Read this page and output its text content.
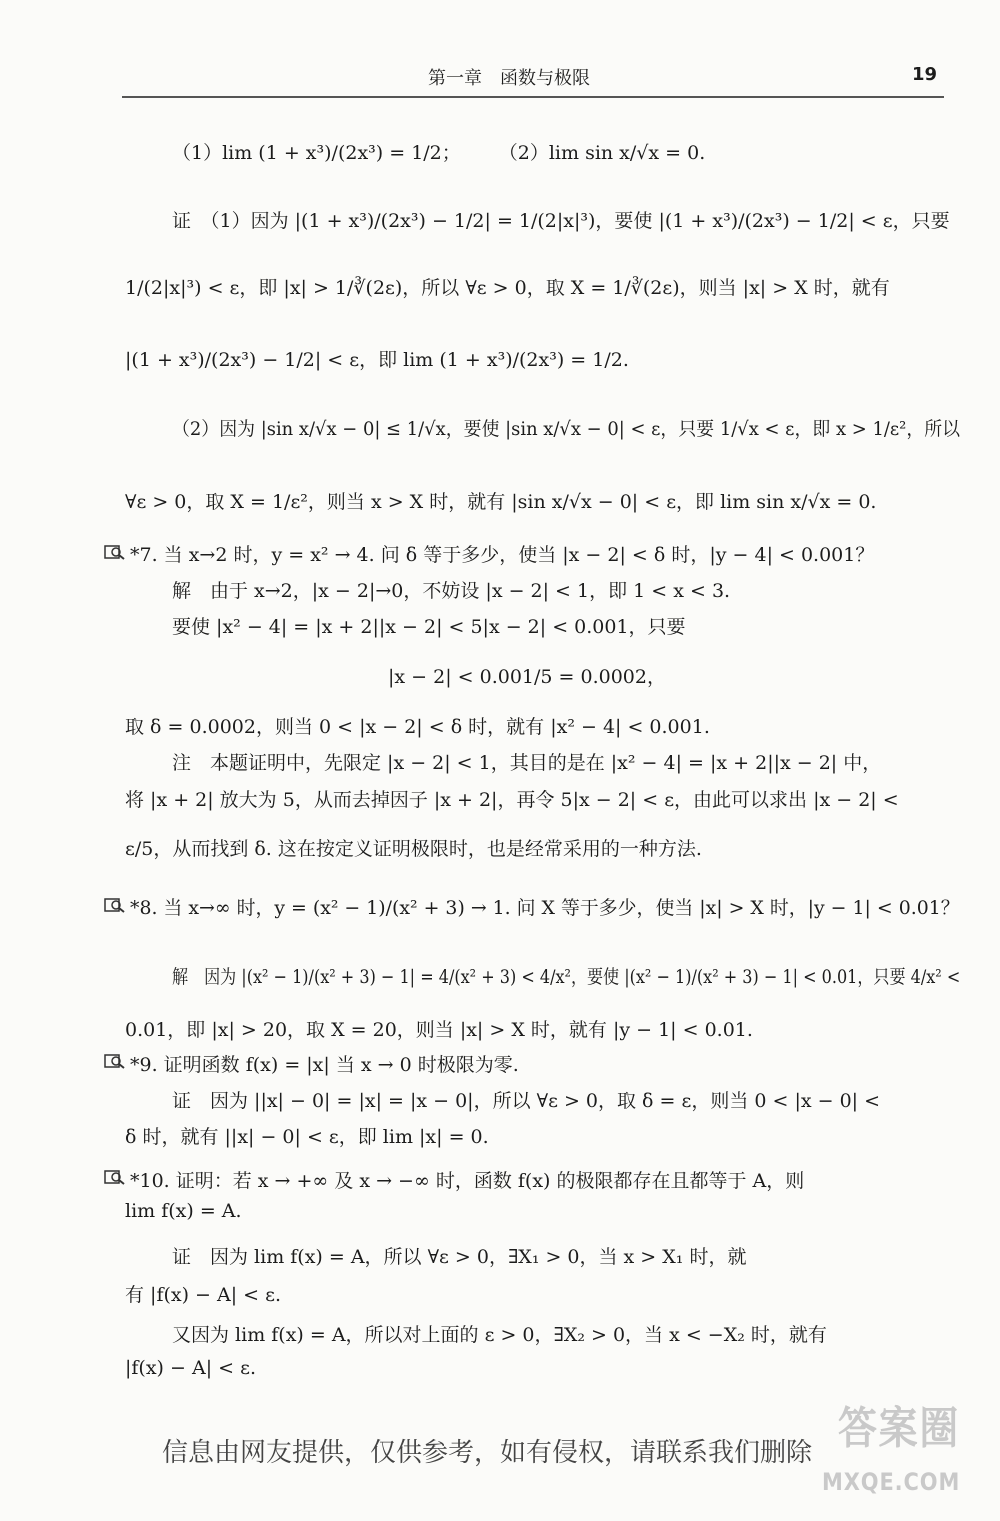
第一章　函数与极限	19
（1）lim (1 + x³)/(2x³) = 1/2；　　　（2）lim sin x/√x = 0.
证　（1）因为 |(1 + x³)/(2x³) − 1/2| = 1/(2|x|³)，要使 |(1 + x³)/(2x³) − 1/2| < ε，只要
1/(2|x|³) < ε，即 |x| > 1/∛(2ε)，所以 ∀ε > 0，取 X = 1/∛(2ε)，则当 |x| > X 时，就有
|(1 + x³)/(2x³) − 1/2| < ε，即 lim (1 + x³)/(2x³) = 1/2.
（2）因为 |sin x/√x − 0| ≤ 1/√x，要使 |sin x/√x − 0| < ε，只要 1/√x < ε，即 x > 1/ε²，所以
∀ε > 0，取 X = 1/ε²，则当 x > X 时，就有 |sin x/√x − 0| < ε，即 lim sin x/√x = 0.
*7. 当 x→2 时，y = x² → 4. 问 δ 等于多少，使当 |x − 2| < δ 时，|y − 4| < 0.001？
解　由于 x→2，|x − 2|→0，不妨设 |x − 2| < 1，即 1 < x < 3.
要使 |x² − 4| = |x + 2||x − 2| < 5|x − 2| < 0.001，只要
|x − 2| < 0.001/5 = 0.0002，
取 δ = 0.0002，则当 0 < |x − 2| < δ 时，就有 |x² − 4| < 0.001.
注　本题证明中，先限定 |x − 2| < 1，其目的是在 |x² − 4| = |x + 2||x − 2| 中，
将 |x + 2| 放大为 5，从而去掉因子 |x + 2|，再令 5|x − 2| < ε，由此可以求出 |x − 2| <
ε/5，从而找到 δ. 这在按定义证明极限时，也是经常采用的一种方法.
*8. 当 x→∞ 时，y = (x² − 1)/(x² + 3) → 1. 问 X 等于多少，使当 |x| > X 时，|y − 1| < 0.01？
解　因为 |(x² − 1)/(x² + 3) − 1| = 4/(x² + 3) < 4/x²，要使 |(x² − 1)/(x² + 3) − 1| < 0.01，只要 4/x² <
0.01，即 |x| > 20，取 X = 20，则当 |x| > X 时，就有 |y − 1| < 0.01.
*9. 证明函数 f(x) = |x| 当 x → 0 时极限为零.
证　因为 ||x| − 0| = |x| = |x − 0|，所以 ∀ε > 0，取 δ = ε，则当 0 < |x − 0| <
δ 时，就有 ||x| − 0| < ε，即 lim |x| = 0.
*10. 证明：若 x → +∞ 及 x → −∞ 时，函数 f(x) 的极限都存在且都等于 A，则
lim f(x) = A.
证　因为 lim f(x) = A，所以 ∀ε > 0，∃X₁ > 0，当 x > X₁ 时，就
有 |f(x) − A| < ε.
又因为 lim f(x) = A，所以对上面的 ε > 0，∃X₂ > 0，当 x < −X₂ 时，就有
|f(x) − A| < ε.
信息由网友提供，仅供参考，如有侵权，请联系我们删除 答案圈
MXQE.COM
